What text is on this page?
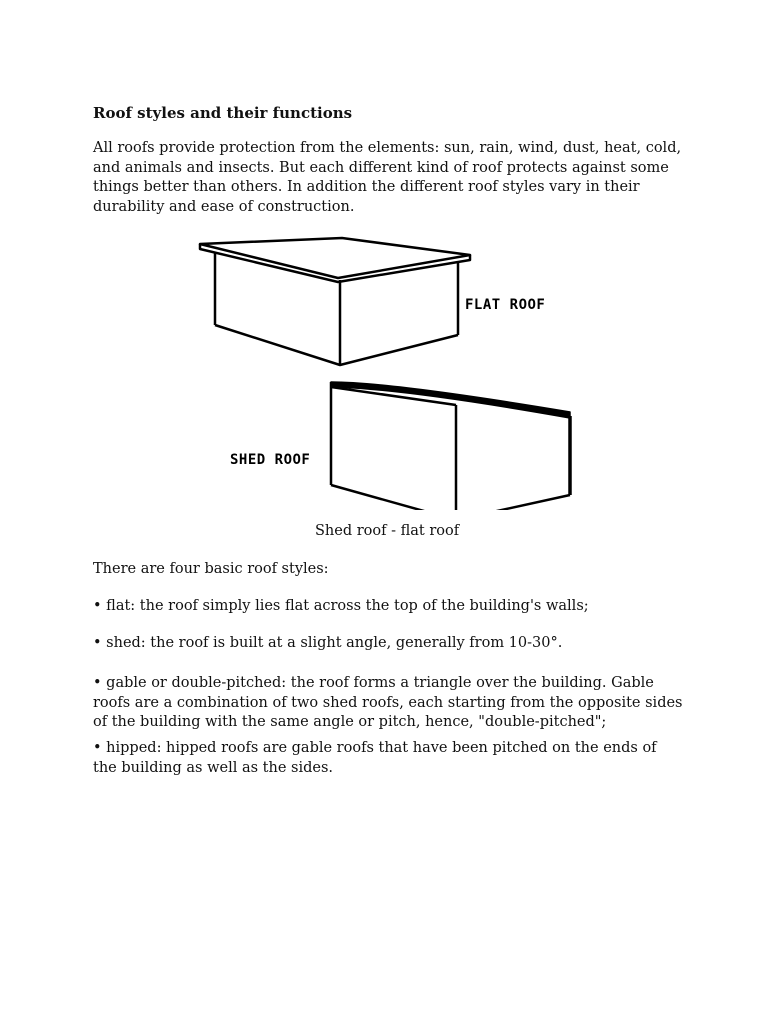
Roof styles and their functions

All roofs provide protection from the elements: sun, rain, wind, dust, heat, cold, and animals and insects. But each different kind of roof protects against some things better than others. In addition the different roof styles vary in their durability and ease of construction.

FLAT ROOF
SHED ROOF

Shed roof - flat roof

There are four basic roof styles:

• flat: the roof simply lies flat across the top of the building's walls;

• shed: the roof is built at a slight angle, generally from 10-30°.

• gable or double-pitched: the roof forms a triangle over the building. Gable roofs are a combination of two shed roofs, each starting from the opposite sides of the building with the same angle or pitch, hence, "double-pitched";

• hipped: hipped roofs are gable roofs that have been pitched on the ends of the building as well as the sides.
